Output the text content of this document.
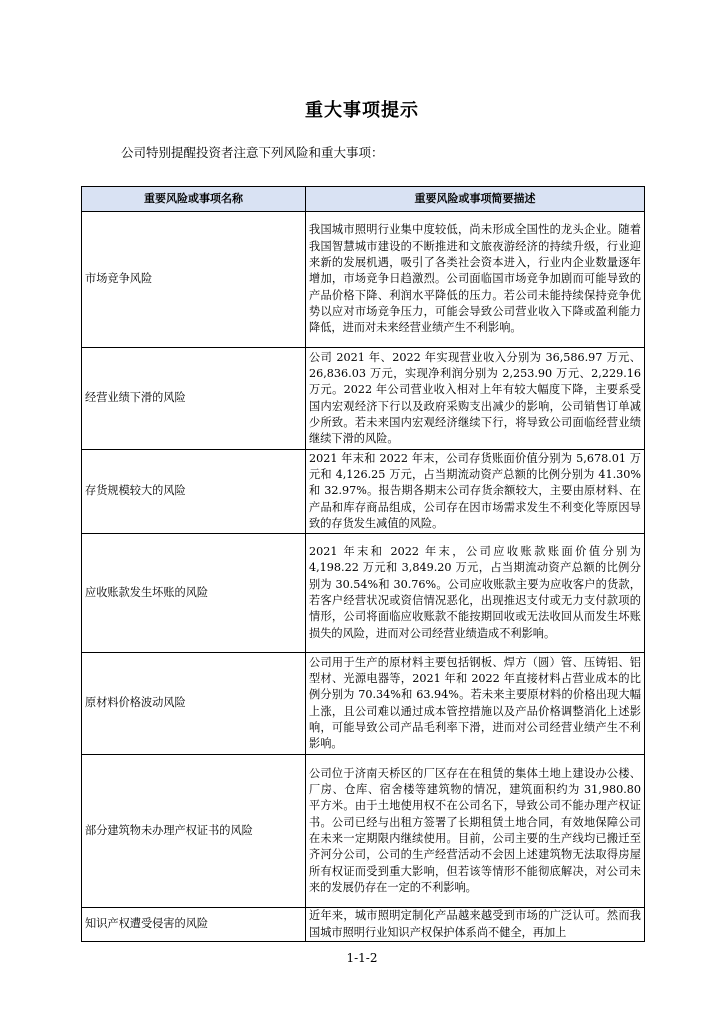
重大事项提示

公司特别提醒投资者注意下列风险和重大事项：

重要风险或事项名称	重要风险或事项简要描述
市场竞争风险	我国城市照明行业集中度较低，尚未形成全国性的龙头企业。随着我国智慧城市建设的不断推进和文旅夜游经济的持续升级，行业迎来新的发展机遇，吸引了各类社会资本进入，行业内企业数量逐年增加，市场竞争日趋激烈。公司面临国市场竞争加剧而可能导致的产品价格下降、利润水平降低的压力。若公司未能持续保持竞争优势以应对市场竞争压力，可能会导致公司营业收入下降或盈利能力降低，进而对未来经营业绩产生不利影响。
经营业绩下滑的风险	公司 2021 年、2022 年实现营业收入分别为 36,586.97 万元、26,836.03 万元，实现净利润分别为 2,253.90 万元、2,229.16 万元。2022 年公司营业收入相对上年有较大幅度下降，主要系受国内宏观经济下行以及政府采购支出减少的影响，公司销售订单减少所致。若未来国内宏观经济继续下行，将导致公司面临经营业绩继续下滑的风险。
存货规模较大的风险	2021 年末和 2022 年末，公司存货账面价值分别为 5,678.01 万元和 4,126.25 万元，占当期流动资产总额的比例分别为 41.30%和 32.97%。报告期各期末公司存货余额较大，主要由原材料、在产品和库存商品组成，公司存在因市场需求发生不利变化等原因导致的存货发生减值的风险。
应收账款发生坏账的风险	2021 年末和 2022 年末，公司应收账款账面价值分别为 4,198.22 万元和 3,849.20 万元，占当期流动资产总额的比例分别为 30.54%和 30.76%。公司应收账款主要为应收客户的货款，若客户经营状况或资信情况恶化，出现推迟支付或无力支付款项的情形，公司将面临应收账款不能按期回收或无法收回从而发生坏账损失的风险，进而对公司经营业绩造成不利影响。
原材料价格波动风险	公司用于生产的原材料主要包括钢板、焊方（圆）管、压铸铝、铝型材、光源电器等，2021 年和 2022 年直接材料占营业成本的比例分别为 70.34%和 63.94%。若未来主要原材料的价格出现大幅上涨，且公司难以通过成本管控措施以及产品价格调整消化上述影响，可能导致公司产品毛利率下滑，进而对公司经营业绩产生不利影响。
部分建筑物未办理产权证书的风险	公司位于济南天桥区的厂区存在在租赁的集体土地上建设办公楼、厂房、仓库、宿舍楼等建筑物的情况，建筑面积约为 31,980.80 平方米。由于土地使用权不在公司名下，导致公司不能办理产权证书。公司已经与出租方签署了长期租赁土地合同，有效地保障公司在未来一定期限内继续使用。目前，公司主要的生产线均已搬迁至齐河分公司，公司的生产经营活动不会因上述建筑物无法取得房屋所有权证而受到重大影响，但若该等情形不能彻底解决，对公司未来的发展仍存在一定的不利影响。
知识产权遭受侵害的风险	近年来，城市照明定制化产品越来越受到市场的广泛认可。然而我国城市照明行业知识产权保护体系尚不健全，再加上

1-1-2
